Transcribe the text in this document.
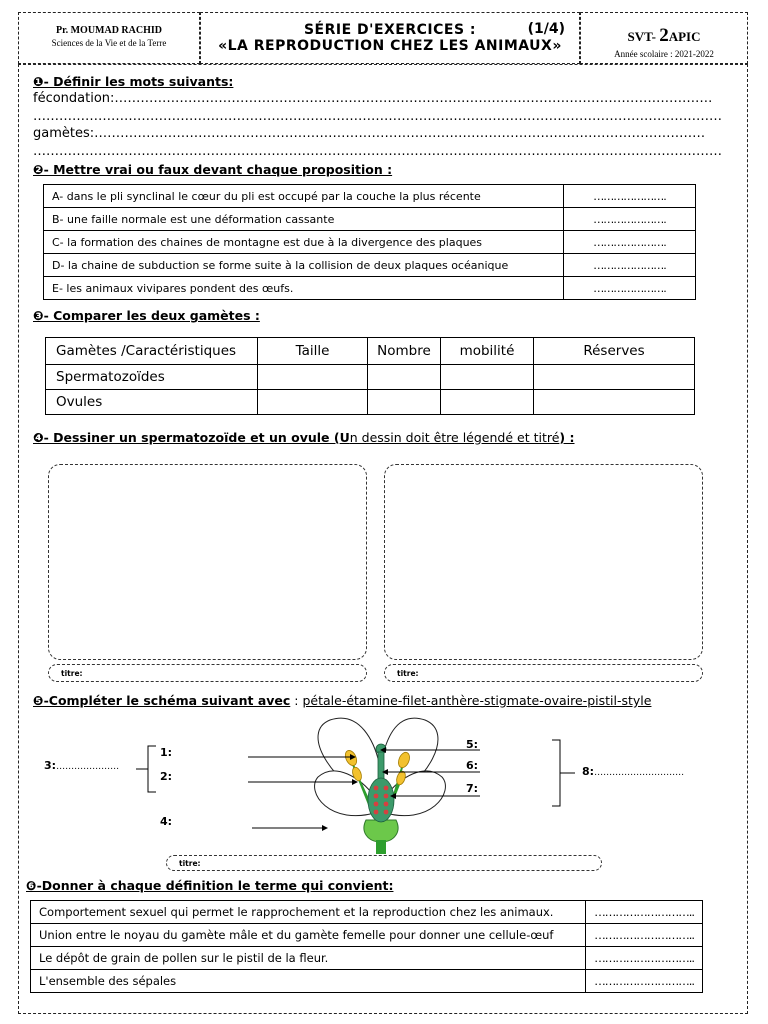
Pr. MOUMAD RACHID
Sciences de la Vie et de la Terre
SÉRIE D'EXERCICES :	(1/4)
«LA REPRODUCTION CHEZ LES ANIMAUX»
SVT- 2APIC
Année scolaire : 2021-2022
❶- Définir les mots suivants:
fécondation:…………………………………………………………………………………………………………………………
……………………………………………………………………………………………………………………………………………
gamètes:……………………………………………………………………………………………………………………………
……………………………………………………………………………………………………………………………………………
❷- Mettre vrai ou faux devant chaque proposition :
A- dans le pli synclinal le cœur du pli est occupé par la couche la plus récente	………………….
B- une faille normale est une déformation cassante	………………….
C- la formation des chaines de montagne est due à la divergence des plaques	………………….
D- la chaine de subduction se forme suite à la collision de deux plaques océanique	………………….
E- les animaux vivipares pondent des œufs.	………………….
❸- Comparer les deux gamètes :
Gamètes /Caractéristiques	Taille	Nombre	mobilité	Réserves
Spermatozoïdes				
Ovules				
❹- Dessiner un spermatozoïde et un ovule (Un dessin doit être légendé et titré) :
titre:	titre:
❺-Compléter le schéma suivant avec : pétale-étamine-filet-anthère-stigmate-ovaire-pistil-style
3:…………………
1:
2:
4:
5:
6:
7:
8:…………………………
titre:
❻-Donner à chaque définition le terme qui convient:
Comportement sexuel qui permet le rapprochement et la reproduction chez les animaux.	………………………..
Union entre le noyau du gamète mâle et du gamète femelle pour donner une cellule-œuf	………………………..
Le dépôt de grain de pollen sur le pistil de la fleur.	………………………..
L'ensemble des sépales	………………………..
